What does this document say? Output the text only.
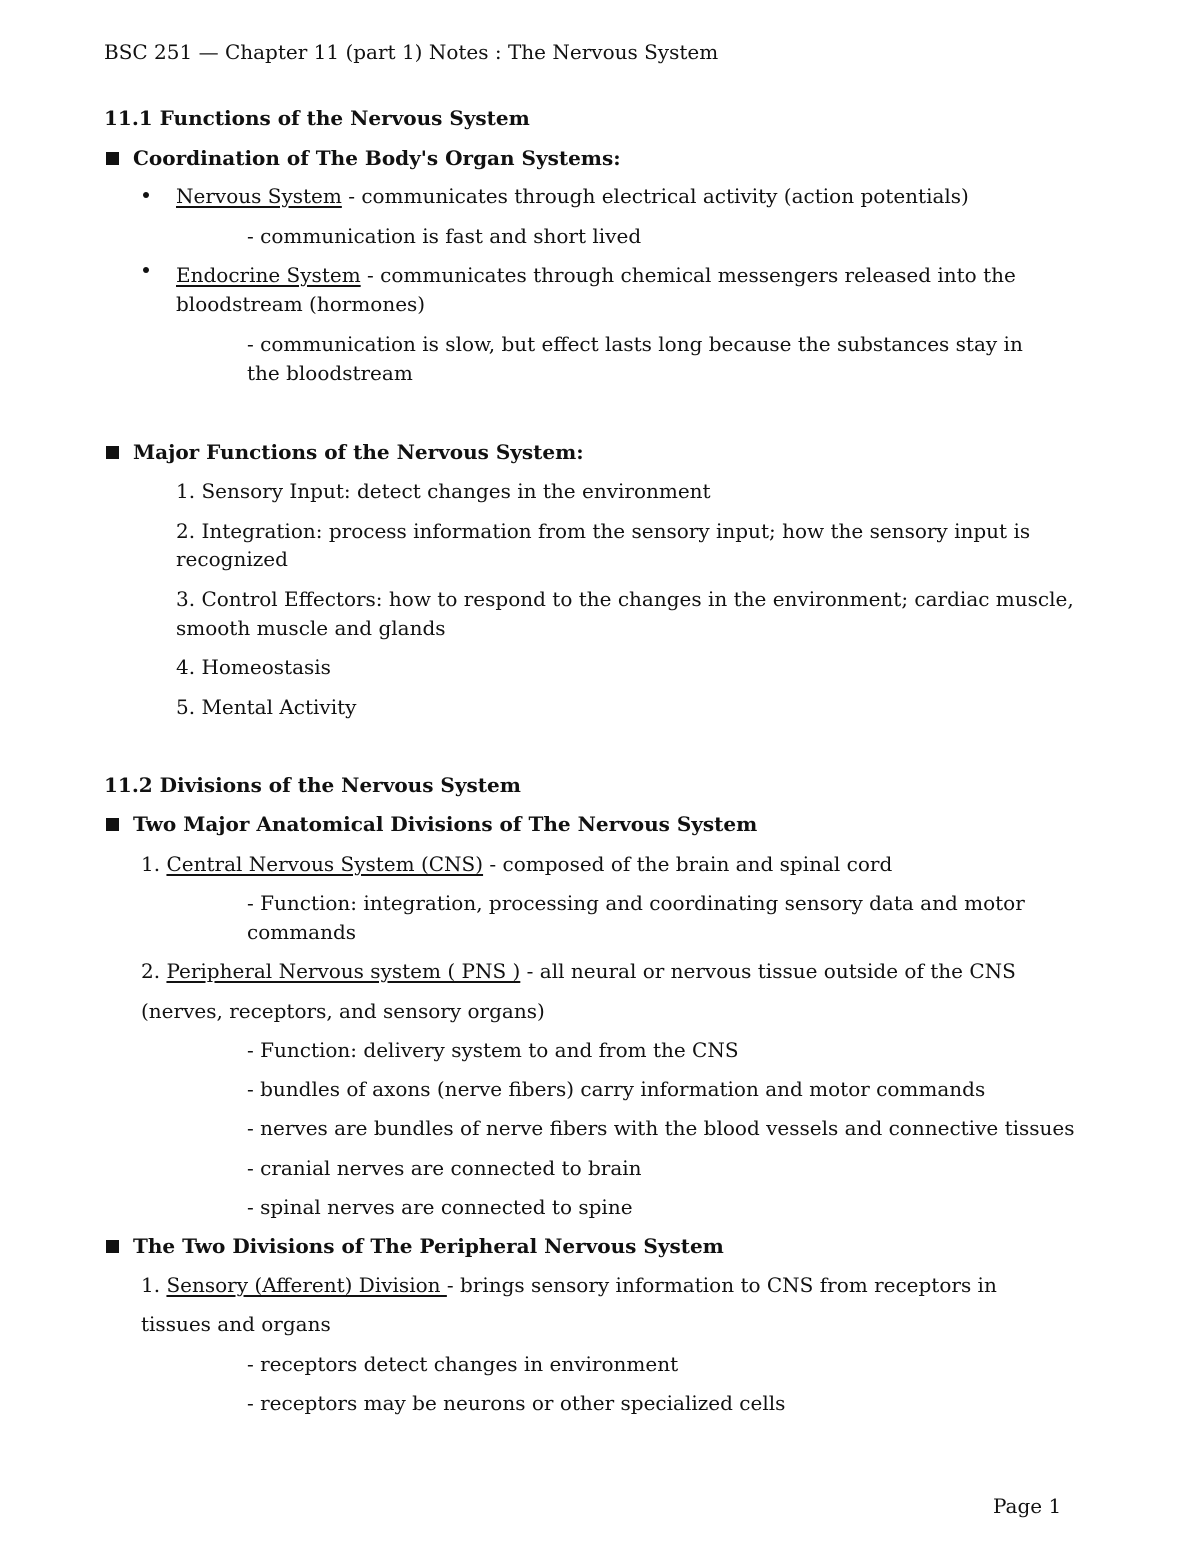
BSC 251 — Chapter 11 (part 1) Notes : The Nervous System
11.1 Functions of the Nervous System
Coordination of The Body's Organ Systems:
Nervous System - communicates through electrical activity (action potentials)
- communication is fast and short lived
Endocrine System - communicates through chemical messengers released into the
bloodstream (hormones)
- communication is slow, but effect lasts long because the substances stay in
the bloodstream
Major Functions of the Nervous System:
1. Sensory Input: detect changes in the environment
2. Integration: process information from the sensory input; how the sensory input is
recognized
3. Control Effectors: how to respond to the changes in the environment; cardiac muscle,
smooth muscle and glands
4. Homeostasis
5. Mental Activity
11.2 Divisions of the Nervous System
Two Major Anatomical Divisions of The Nervous System
1. Central Nervous System (CNS) - composed of the brain and spinal cord
- Function: integration, processing and coordinating sensory data and motor
commands
2. Peripheral Nervous system ( PNS ) - all neural or nervous tissue outside of the CNS
(nerves, receptors, and sensory organs)
- Function: delivery system to and from the CNS
- bundles of axons (nerve fibers) carry information and motor commands
- nerves are bundles of nerve fibers with the blood vessels and connective tissues
- cranial nerves are connected to brain
- spinal nerves are connected to spine
The Two Divisions of The Peripheral Nervous System
1. Sensory (Afferent) Division - brings sensory information to CNS from receptors in
tissues and organs
- receptors detect changes in environment
- receptors may be neurons or other specialized cells
Page 1
